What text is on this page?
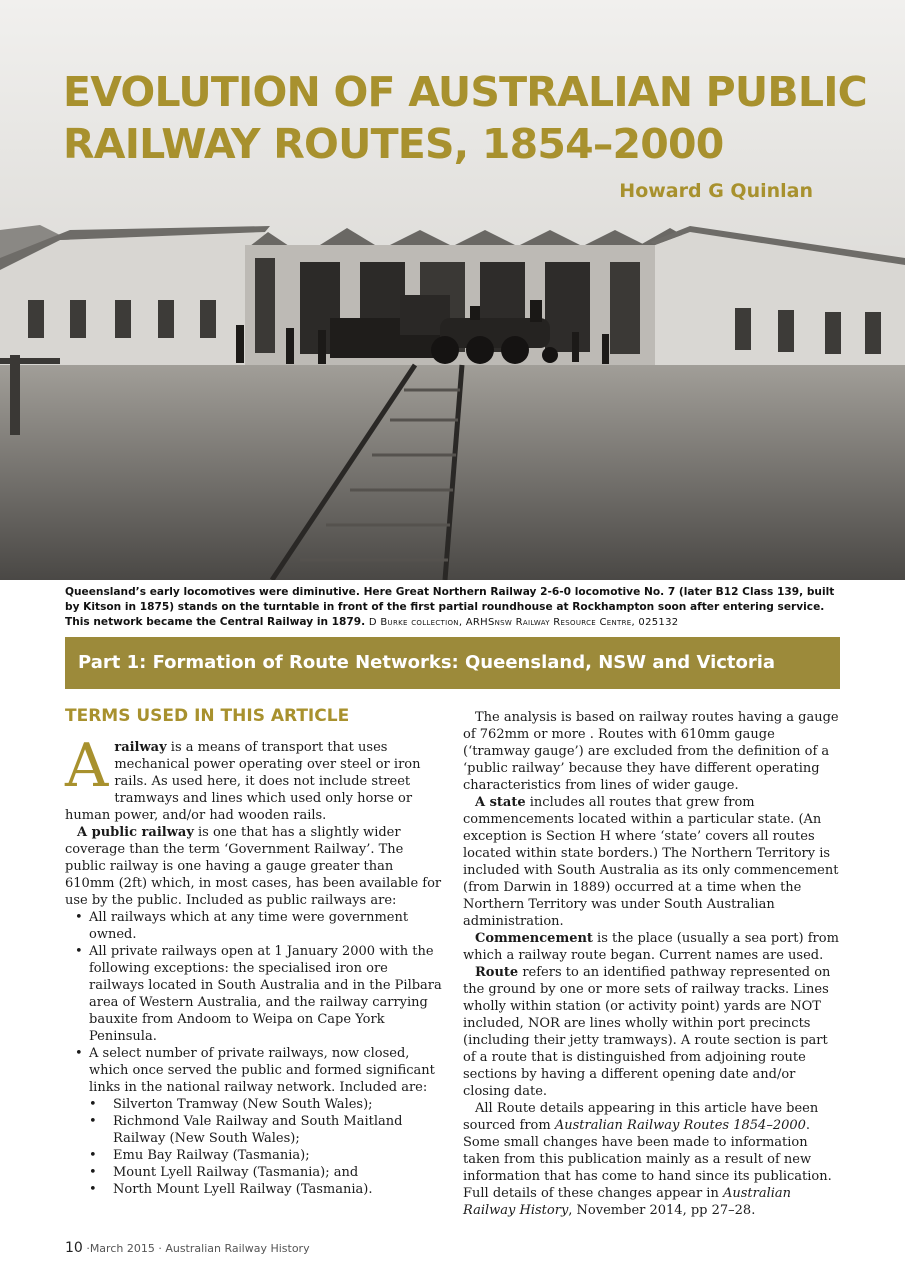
EVOLUTION OF AUSTRALIAN PUBLIC
RAILWAY ROUTES, 1854–2000
Howard G Quinlan
Queensland’s early locomotives were diminutive. Here Great Northern Railway 2-6-0 locomotive No. 7 (later B12 Class 139, built by Kitson in 1875) stands on the turntable in front of the first partial roundhouse at Rockhampton soon after entering service. This network became the Central Railway in 1879. D Burke collection, ARHSnsw Railway Resource Centre, 025132
Part 1: Formation of Route Networks: Queensland, NSW and Victoria
TERMS USED IN THIS ARTICLE

Arailway is a means of transport that uses mechanical power operating over steel or iron rails. As used here, it does not include street tramways and lines which used only horse or human power, and/or had wooden rails.

A public railway is one that has a slightly wider coverage than the term ‘Government Railway’. The public railway is one having a gauge greater than 610mm (2ft) which, in most cases, has been available for use by the public. Included as public railways are:

• All railways which at any time were government owned.
• All private railways open at 1 January 2000 with the following exceptions: the specialised iron ore railways located in South Australia and in the Pilbara area of Western Australia, and the railway carrying bauxite from Andoom to Weipa on Cape York Peninsula.
• A select number of private railways, now closed, which once served the public and formed significant links in the national railway network. Included are:
• Silverton Tramway (New South Wales);
• Richmond Vale Railway and South Maitland Railway (New South Wales);
• Emu Bay Railway (Tasmania);
• Mount Lyell Railway (Tasmania); and
• North Mount Lyell Railway (Tasmania).

The analysis is based on railway routes having a gauge of 762mm or more . Routes with 610mm gauge (‘tramway gauge’) are excluded from the definition of a ‘public railway’ because they have different operating characteristics from lines of wider gauge.

A state includes all routes that grew from commencements located within a particular state. (An exception is Section H where ‘state’ covers all routes located within state borders.) The Northern Territory is included with South Australia as its only commencement (from Darwin in 1889) occurred at a time when the Northern Territory was under South Australian administration.

Commencement is the place (usually a sea port) from which a railway route began. Current names are used.

Route refers to an identified pathway represented on the ground by one or more sets of railway tracks. Lines wholly within station (or activity point) yards are NOT included, NOR are lines wholly within port precincts (including their jetty tramways). A route section is part of a route that is distinguished from adjoining route sections by having a different opening date and/or closing date.

All Route details appearing in this article have been sourced from Australian Railway Routes 1854–2000. Some small changes have been made to information taken from this publication mainly as a result of new information that has come to hand since its publication. Full details of these changes appear in Australian Railway History, November 2014, pp 27–28.

10 ·March 2015 · Australian Railway History
